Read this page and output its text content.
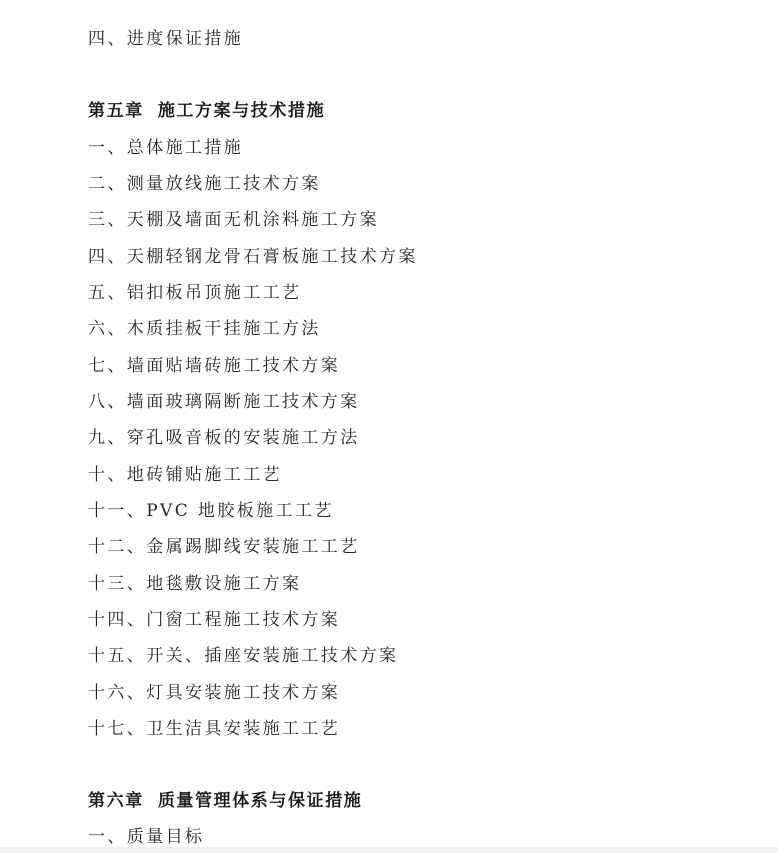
四、进度保证措施
第五章 施工方案与技术措施
一、总体施工措施
二、测量放线施工技术方案
三、天棚及墙面无机涂料施工方案
四、天棚轻钢龙骨石膏板施工技术方案
五、铝扣板吊顶施工工艺
六、木质挂板干挂施工方法
七、墙面贴墙砖施工技术方案
八、墙面玻璃隔断施工技术方案
九、穿孔吸音板的安装施工方法
十、地砖铺贴施工工艺
十一、PVC 地胶板施工工艺
十二、金属踢脚线安装施工工艺
十三、地毯敷设施工方案
十四、门窗工程施工技术方案
十五、开关、插座安装施工技术方案
十六、灯具安装施工技术方案
十七、卫生洁具安装施工工艺
第六章 质量管理体系与保证措施
一、质量目标
